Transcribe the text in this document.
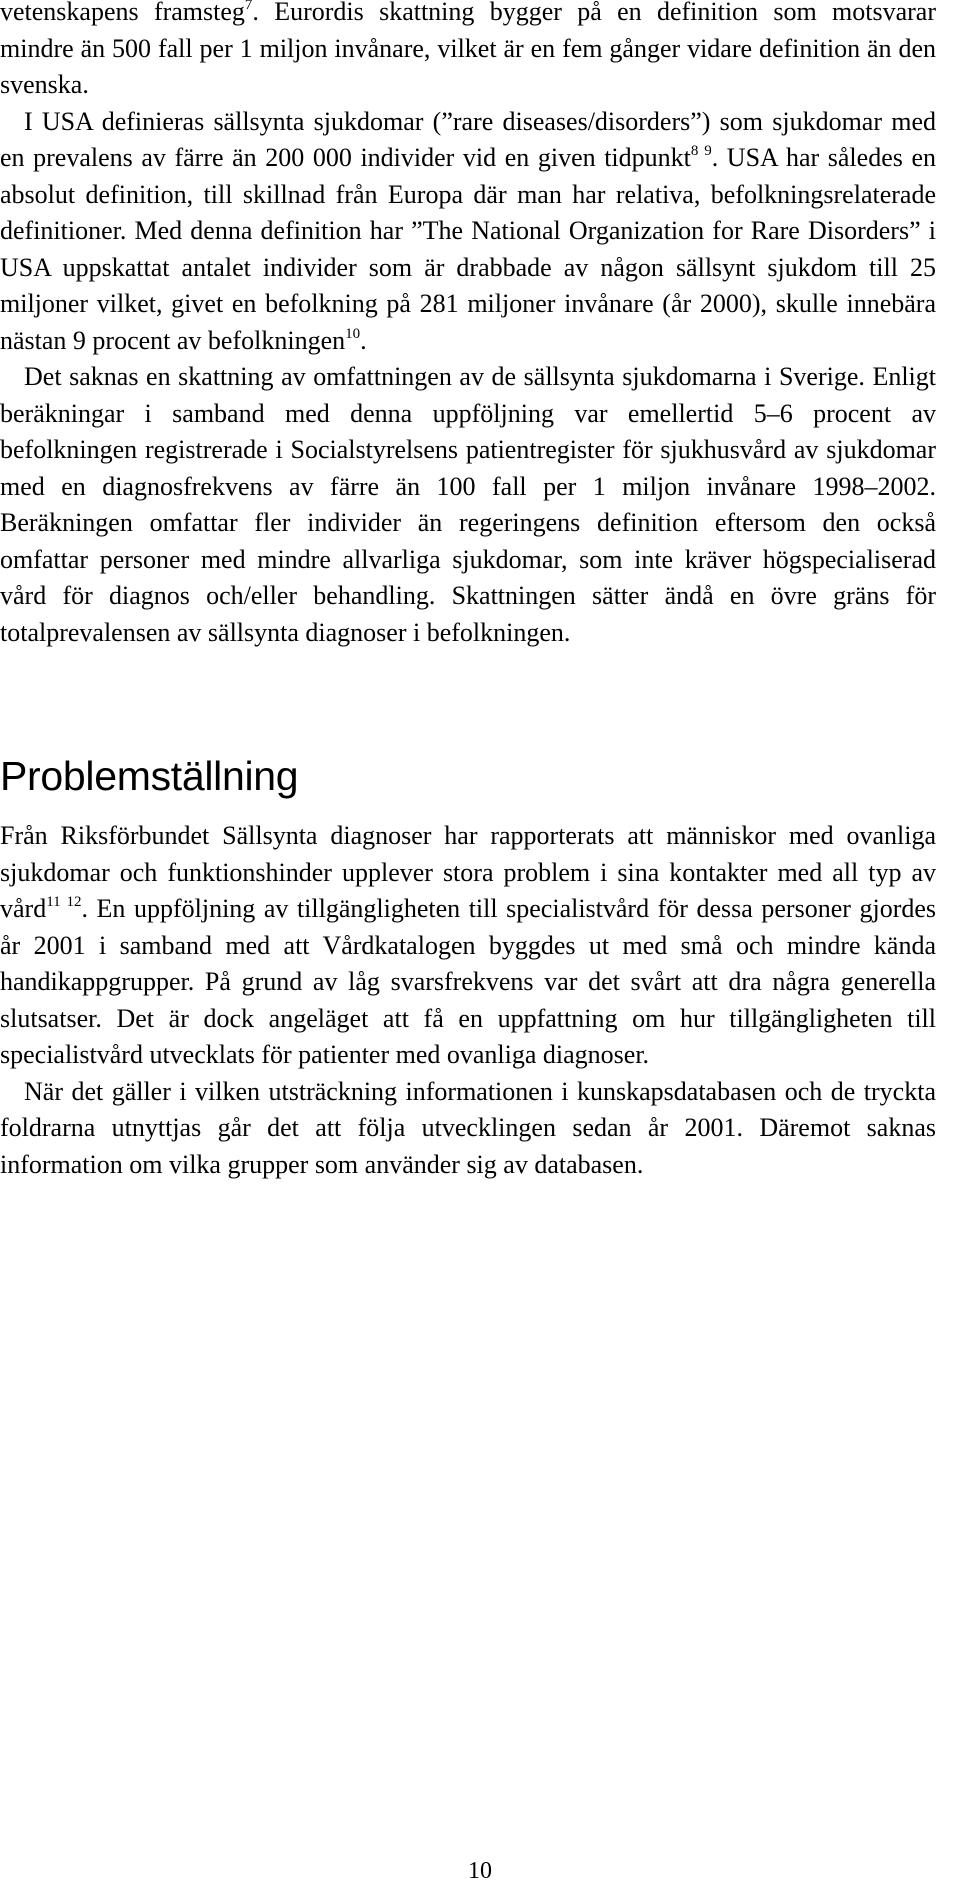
vetenskapens framsteg$^7$. Eurordis skattning bygger på en definition som motsvarar mindre än 500 fall per 1 miljon invånare, vilket är en fem gånger vidare definition än den svenska.

I USA definieras sällsynta sjukdomar (”rare diseases/disorders”) som sjukdomar med en prevalens av färre än 200 000 individer vid en given tidpunkt$^{8 9}$. USA har således en absolut definition, till skillnad från Europa där man har relativa, befolkningsrelaterade definitioner. Med denna definition har ”The National Organization for Rare Disorders” i USA uppskattat antalet individer som är drabbade av någon sällsynt sjukdom till 25 miljoner vilket, givet en befolkning på 281 miljoner invånare (år 2000), skulle innebära nästan 9 procent av befolkningen$^{10}$.

Det saknas en skattning av omfattningen av de sällsynta sjukdomarna i Sverige. Enligt beräkningar i samband med denna uppföljning var emellertid 5–6 procent av befolkningen registrerade i Socialstyrelsens patientregister för sjukhusvård av sjukdomar med en diagnosfrekvens av färre än 100 fall per 1 miljon invånare 1998–2002. Beräkningen omfattar fler individer än regeringens definition eftersom den också omfattar personer med mindre allvarliga sjukdomar, som inte kräver högspecialiserad vård för diagnos och/eller behandling. Skattningen sätter ändå en övre gräns för totalprevalensen av sällsynta diagnoser i befolkningen.

Problemställning

Från Riksförbundet Sällsynta diagnoser har rapporterats att människor med ovanliga sjukdomar och funktionshinder upplever stora problem i sina kontakter med all typ av vård$^{11 12}$. En uppföljning av tillgängligheten till specialistvård för dessa personer gjordes år 2001 i samband med att Vårdkatalogen byggdes ut med små och mindre kända handikappgrupper. På grund av låg svarsfrekvens var det svårt att dra några generella slutsatser. Det är dock angeläget att få en uppfattning om hur tillgängligheten till specialistvård utvecklats för patienter med ovanliga diagnoser.

När det gäller i vilken utsträckning informationen i kunskapsdatabasen och de tryckta foldrarna utnyttjas går det att följa utvecklingen sedan år 2001. Däremot saknas information om vilka grupper som använder sig av databasen.

10
